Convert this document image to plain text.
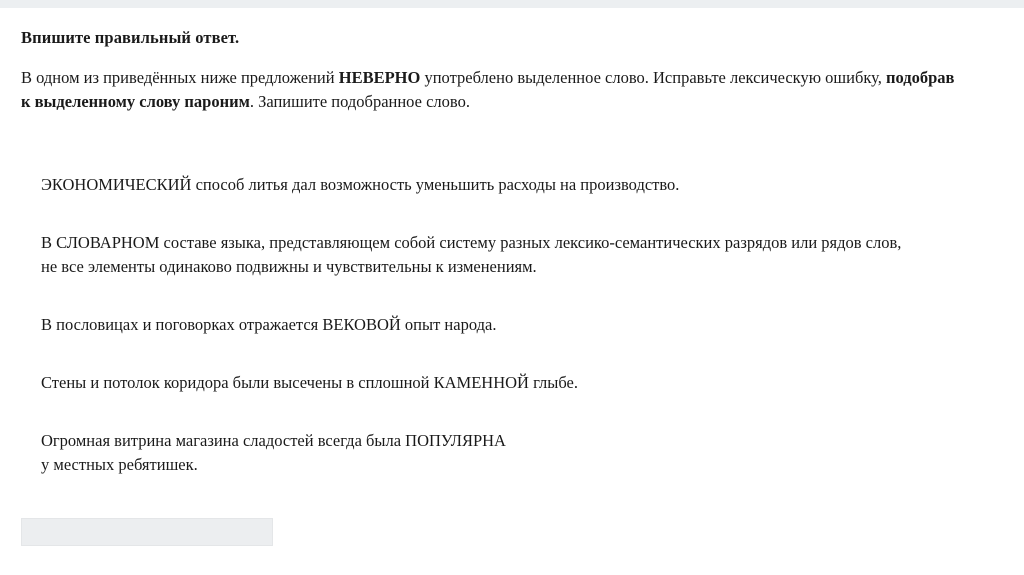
Впишите правильный ответ.
В одном из приведённых ниже предложений НЕВЕРНО употреблено выделенное слово. Исправьте лексическую ошибку, подобрав
к выделенному слову пароним. Запишите подобранное слово.

ЭКОНОМИЧЕСКИЙ способ литья дал возможность уменьшить расходы на производство.

В СЛОВАРНОМ составе языка, представляющем собой систему разных лексико-семантических разрядов или рядов слов,
не все элементы одинаково подвижны и чувствительны к изменениям.

В пословицах и поговорках отражается ВЕКОВОЙ опыт народа.

Стены и потолок коридора были высечены в сплошной КАМЕННОЙ глыбе.

Огромная витрина магазина сладостей всегда была ПОПУЛЯРНА
у местных ребятишек.
